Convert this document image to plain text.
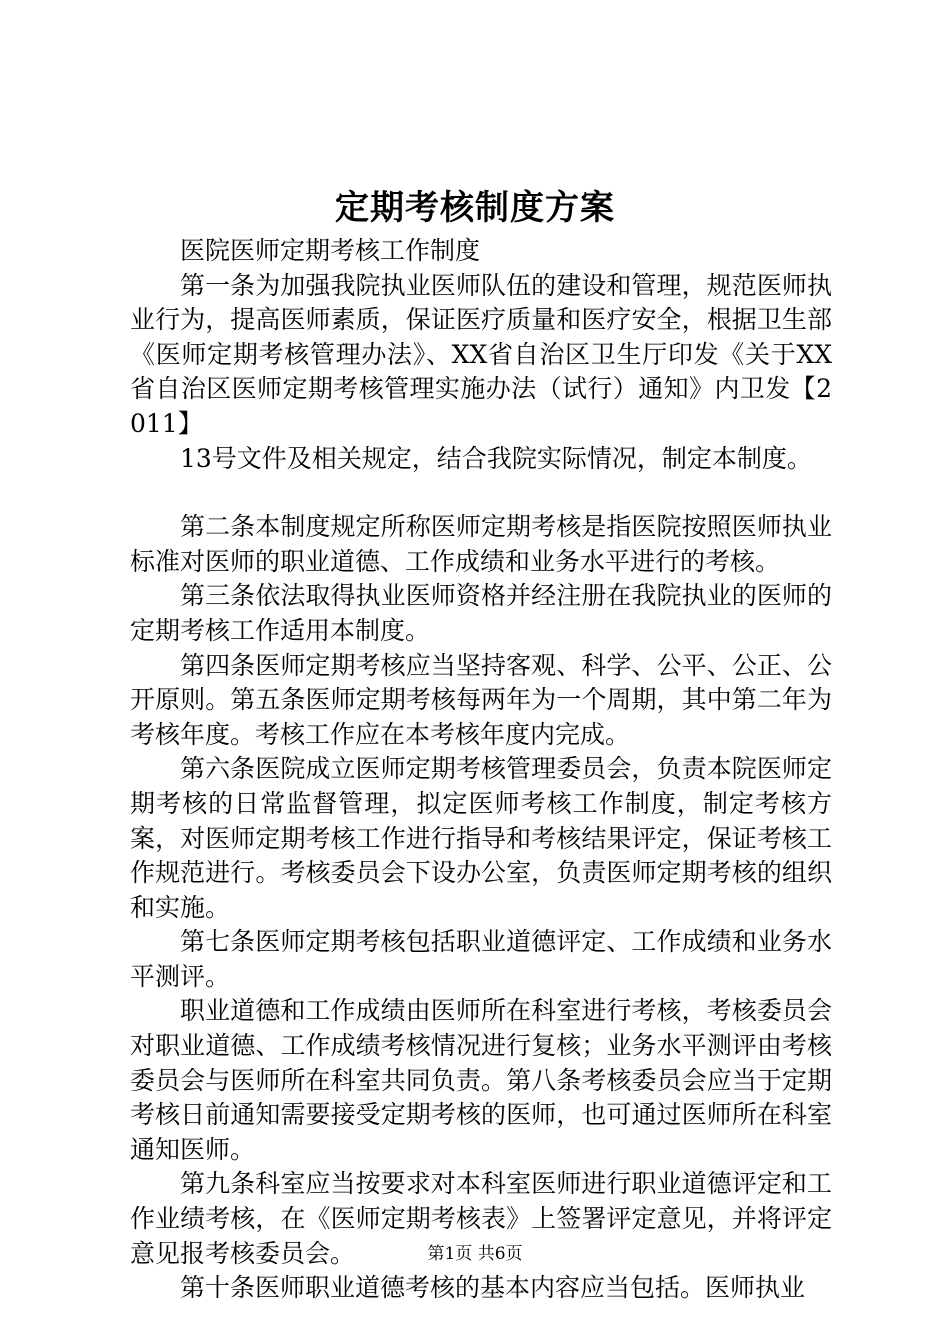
定期考核制度方案

医院医师定期考核工作制度

第一条为加强我院执业医师队伍的建设和管理，规范医师执业行为，提高医师素质，保证医疗质量和医疗安全，根据卫生部《医师定期考核管理办法》、XX省自治区卫生厅印发《关于XX省自治区医师定期考核管理实施办法（试行）通知》内卫发【2011】

13号文件及相关规定，结合我院实际情况，制定本制度。

第二条本制度规定所称医师定期考核是指医院按照医师执业标准对医师的职业道德、工作成绩和业务水平进行的考核。

第三条依法取得执业医师资格并经注册在我院执业的医师的定期考核工作适用本制度。

第四条医师定期考核应当坚持客观、科学、公平、公正、公开原则。第五条医师定期考核每两年为一个周期，其中第二年为考核年度。考核工作应在本考核年度内完成。

第六条医院成立医师定期考核管理委员会，负责本院医师定期考核的日常监督管理，拟定医师考核工作制度，制定考核方案，对医师定期考核工作进行指导和考核结果评定，保证考核工作规范进行。考核委员会下设办公室，负责医师定期考核的组织和实施。

第七条医师定期考核包括职业道德评定、工作成绩和业务水平测评。

职业道德和工作成绩由医师所在科室进行考核，考核委员会对职业道德、工作成绩考核情况进行复核；业务水平测评由考核委员会与医师所在科室共同负责。第八条考核委员会应当于定期考核日前通知需要接受定期考核的医师，也可通过医师所在科室通知医师。

第九条科室应当按要求对本科室医师进行职业道德评定和工作业绩考核，在《医师定期考核表》上签署评定意见，并将评定意见报考核委员会。

第十条医师职业道德考核的基本内容应当包括。医师执业

第1页 共6页
